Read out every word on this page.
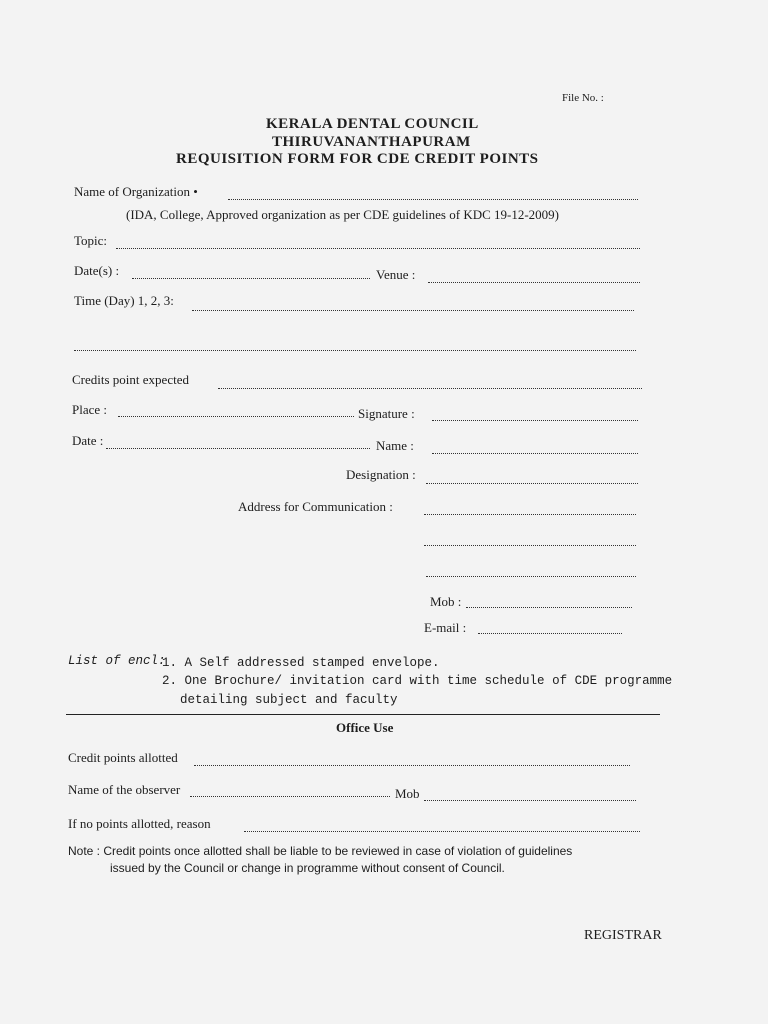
File No. :
KERALA DENTAL COUNCIL
THIRUVANANTHAPURAM
REQUISITION FORM FOR CDE CREDIT POINTS
Name of Organization •
(IDA, College, Approved organization as per CDE guidelines of KDC 19-12-2009)
Topic:
Date(s) :	Venue :
Time (Day) 1, 2, 3:
Credits point expected
Place :	Signature :
Date :	Name :
Designation :
Address for Communication :
Mob :
E-mail :
List of encl:
1. A Self addressed stamped envelope.
2. One Brochure/ invitation card with time schedule of CDE programme
detailing subject and faculty
Office Use
Credit points allotted
Name of the observer	Mob
If no points allotted, reason
Note : Credit points once allotted shall be liable to be reviewed in case of violation of guidelines
issued by the Council or change in programme without consent of Council.
REGISTRAR
